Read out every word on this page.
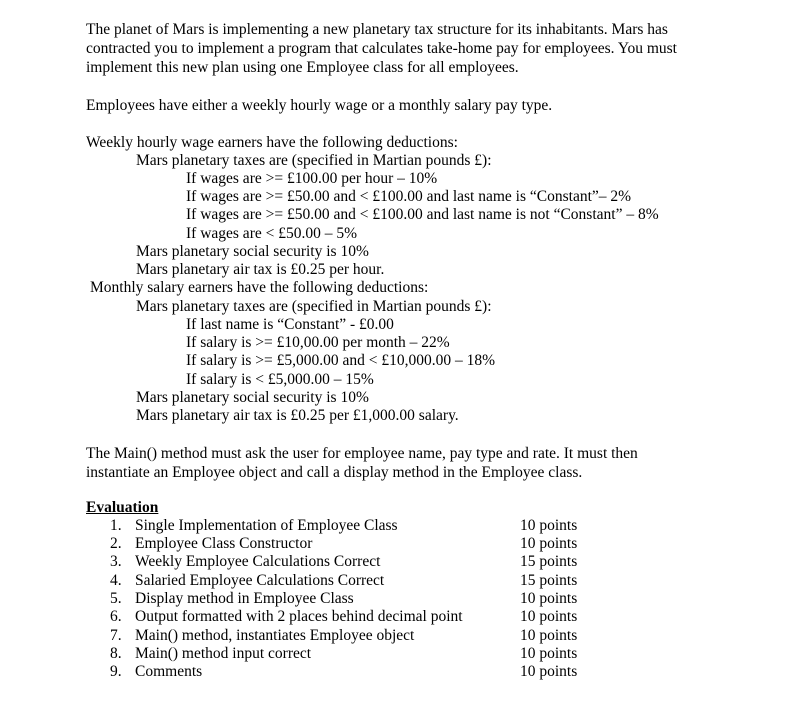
The planet of Mars is implementing a new planetary tax structure for its inhabitants. Mars has
contracted you to implement a program that calculates take-home pay for employees. You must
implement this new plan using one Employee class for all employees.
Employees have either a weekly hourly wage or a monthly salary pay type.
Weekly hourly wage earners have the following deductions:
Mars planetary taxes are (specified in Martian pounds £):
If wages are >= £100.00 per hour – 10%
If wages are >= £50.00 and < £100.00 and last name is “Constant”– 2%
If wages are >= £50.00 and < £100.00 and last name is not “Constant” – 8%
If wages are < £50.00 – 5%
Mars planetary social security is 10%
Mars planetary air tax is £0.25 per hour.
Monthly salary earners have the following deductions:
Mars planetary taxes are (specified in Martian pounds £):
If last name is “Constant” - £0.00
If salary is >= £10,00.00 per month – 22%
If salary is >= £5,000.00 and < £10,000.00 – 18%
If salary is < £5,000.00 – 15%
Mars planetary social security is 10%
Mars planetary air tax is £0.25 per £1,000.00 salary.
The Main() method must ask the user for employee name, pay type and rate. It must then
instantiate an Employee object and call a display method in the Employee class.
Evaluation
1. Single Implementation of Employee Class	10 points
2. Employee Class Constructor	10 points
3. Weekly Employee Calculations Correct	15 points
4. Salaried Employee Calculations Correct	15 points
5. Display method in Employee Class	10 points
6. Output formatted with 2 places behind decimal point	10 points
7. Main() method, instantiates Employee object	10 points
8. Main() method input correct	10 points
9. Comments	10 points
